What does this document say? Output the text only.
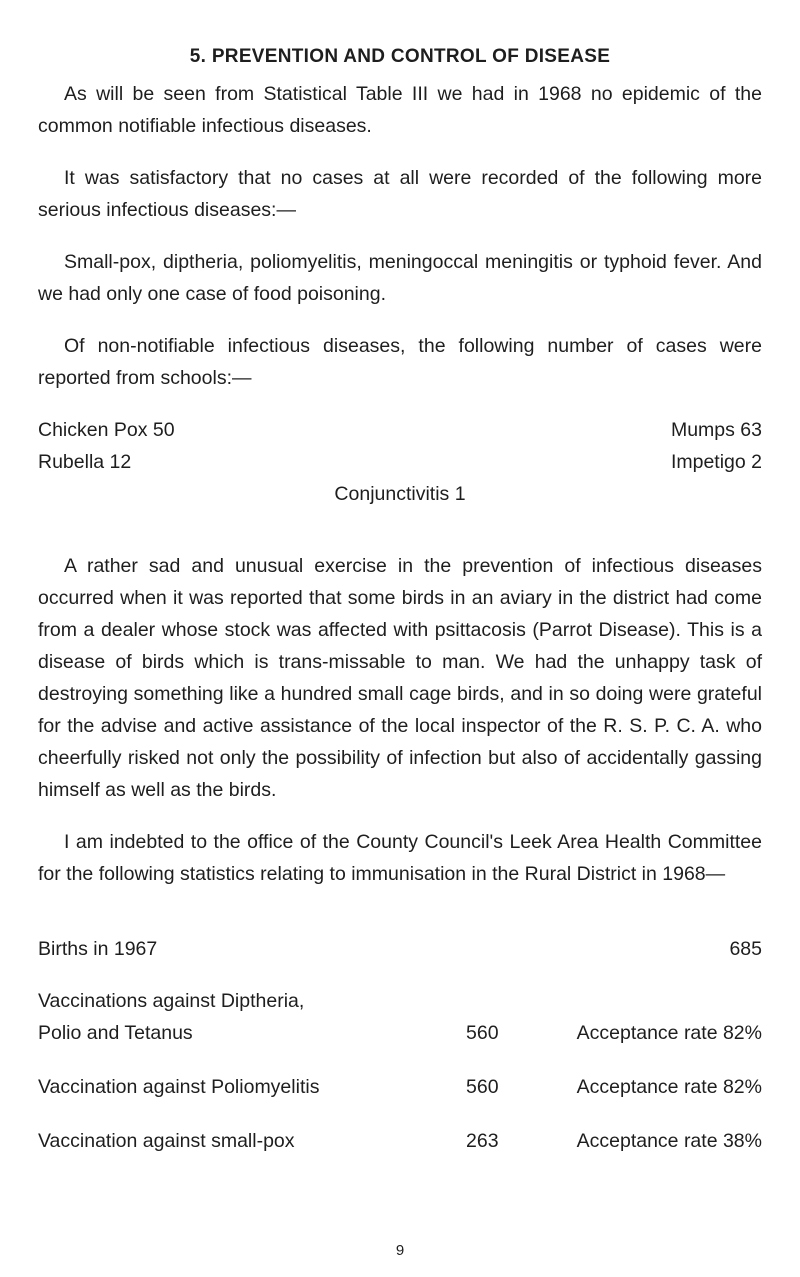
5. PREVENTION AND CONTROL OF DISEASE

As will be seen from Statistical Table III we had in 1968 no epidemic of the common notifiable infectious diseases.

It was satisfactory that no cases at all were recorded of the following more serious infectious diseases:—

Small-pox, diptheria, poliomyelitis, meningoccal meningitis or typhoid fever. And we had only one case of food poisoning.

Of non-notifiable infectious diseases, the following number of cases were reported from schools:—

Chicken Pox 50	Mumps 63
Rubella 12	Impetigo 2
Conjunctivitis 1

A rather sad and unusual exercise in the prevention of infectious diseases occurred when it was reported that some birds in an aviary in the district had come from a dealer whose stock was affected with psittacosis (Parrot Disease). This is a disease of birds which is trans-missable to man. We had the unhappy task of destroying something like a hundred small cage birds, and in so doing were grateful for the advise and active assistance of the local inspector of the R. S. P. C. A. who cheerfully risked not only the possibility of infection but also of accidentally gassing himself as well as the birds.

I am indebted to the office of the County Council's Leek Area Health Committee for the following statistics relating to immunisation in the Rural District in 1968—

Births in 1967	685
Vaccinations against Diptheria,
Polio and Tetanus	560	Acceptance rate 82%
Vaccination against Poliomyelitis	560	Acceptance rate 82%
Vaccination against small-pox	263	Acceptance rate 38%
9
